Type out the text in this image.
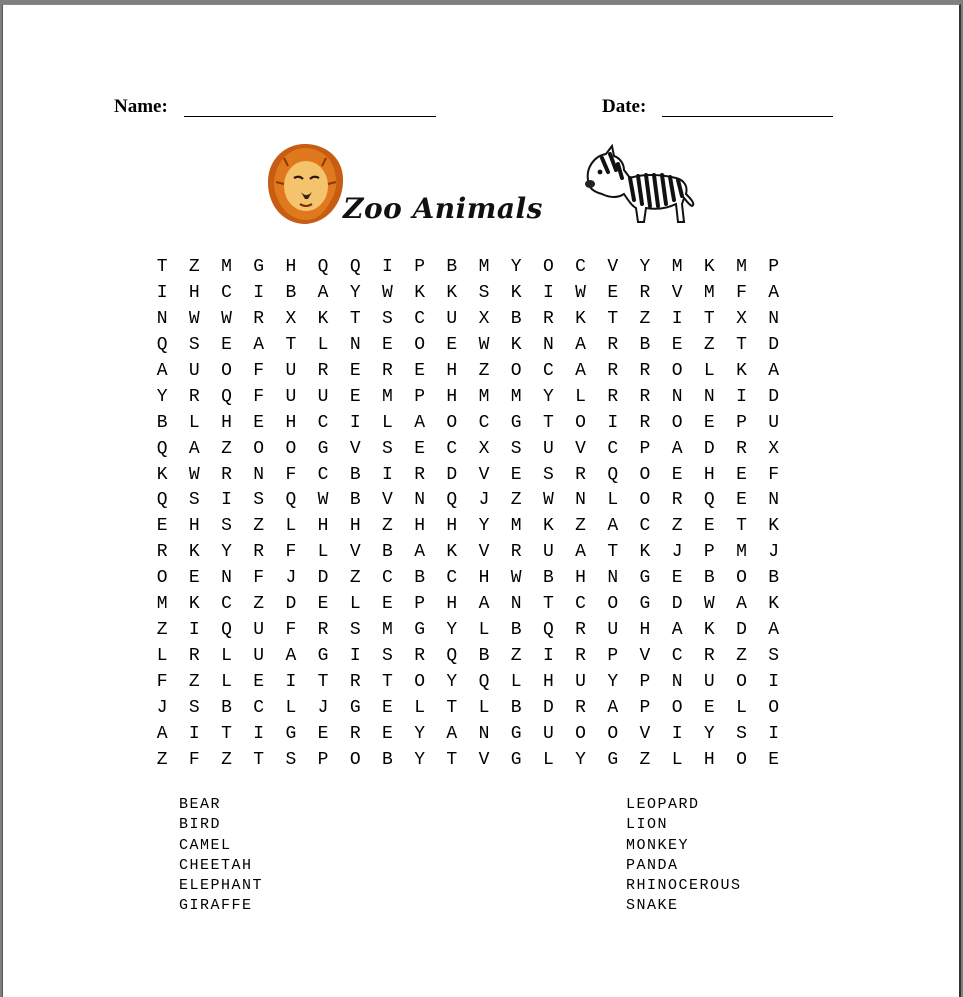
Name:	Date:
Zoo Animals
T	Z	M	G	H	Q	Q	I	P	B	M	Y	O	C	V	Y	M	K	M	P
I	H	C	I	B	A	Y	W	K	K	S	K	I	W	E	R	V	M	F	A
N	W	W	R	X	K	T	S	C	U	X	B	R	K	T	Z	I	T	X	N
Q	S	E	A	T	L	N	E	O	E	W	K	N	A	R	B	E	Z	T	D
A	U	O	F	U	R	E	R	E	H	Z	O	C	A	R	R	O	L	K	A
Y	R	Q	F	U	U	E	M	P	H	M	M	Y	L	R	R	N	N	I	D
B	L	H	E	H	C	I	L	A	O	C	G	T	O	I	R	O	E	P	U
Q	A	Z	O	O	G	V	S	E	C	X	S	U	V	C	P	A	D	R	X
K	W	R	N	F	C	B	I	R	D	V	E	S	R	Q	O	E	H	E	F
Q	S	I	S	Q	W	B	V	N	Q	J	Z	W	N	L	O	R	Q	E	N
E	H	S	Z	L	H	H	Z	H	H	Y	M	K	Z	A	C	Z	E	T	K
R	K	Y	R	F	L	V	B	A	K	V	R	U	A	T	K	J	P	M	J
O	E	N	F	J	D	Z	C	B	C	H	W	B	H	N	G	E	B	O	B
M	K	C	Z	D	E	L	E	P	H	A	N	T	C	O	G	D	W	A	K
Z	I	Q	U	F	R	S	M	G	Y	L	B	Q	R	U	H	A	K	D	A
L	R	L	U	A	G	I	S	R	Q	B	Z	I	R	P	V	C	R	Z	S
F	Z	L	E	I	T	R	T	O	Y	Q	L	H	U	Y	P	N	U	O	I
J	S	B	C	L	J	G	E	L	T	L	B	D	R	A	P	O	E	L	O
A	I	T	I	G	E	R	E	Y	A	N	G	U	O	O	V	I	Y	S	I
Z	F	Z	T	S	P	O	B	Y	T	V	G	L	Y	G	Z	L	H	O	E
BEAR
BIRD
CAMEL
CHEETAH
ELEPHANT
GIRAFFE
LEOPARD
LION
MONKEY
PANDA
RHINOCEROUS
SNAKE
